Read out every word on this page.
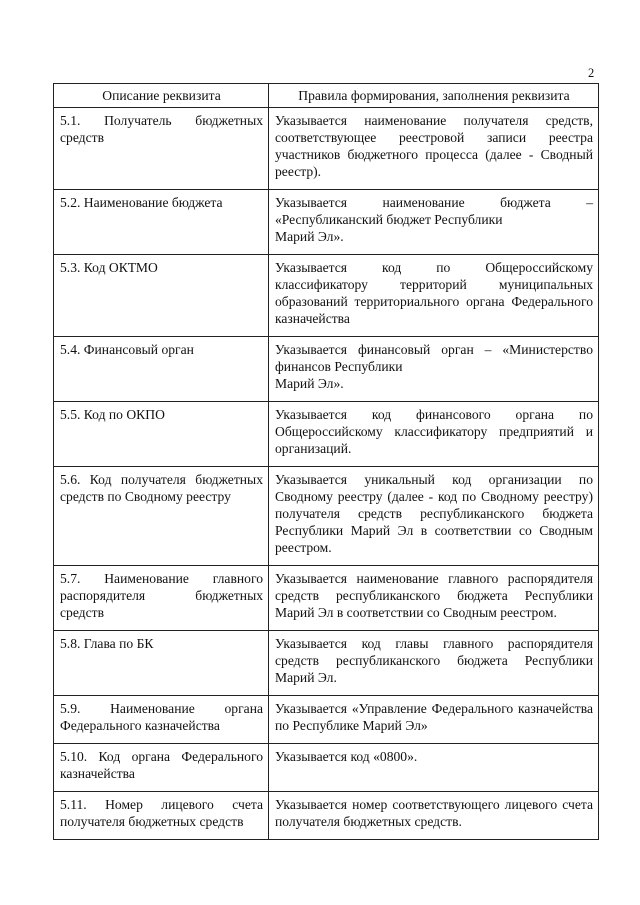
2
Описание реквизита	Правила формирования, заполнения реквизита

5.1. Получатель бюджетных средств	Указывается наименование получателя средств, соответствующее реестровой записи реестра участников бюджетного процесса (далее - Сводный реестр).

5.2. Наименование бюджета	Указывается наименование бюджета – «Республиканский бюджет Республики
Марий Эл».

5.3. Код ОКТМО	Указывается код по Общероссийскому классификатору территорий муниципальных образований территориального органа Федерального казначейства

5.4. Финансовый орган	Указывается финансовый орган – «Министерство финансов Республики
Марий Эл».

5.5. Код по ОКПО	Указывается код финансового органа по Общероссийскому классификатору предприятий и организаций.

5.6. Код получателя бюджетных средств по Сводному реестру	Указывается уникальный код организации по Сводному реестру (далее - код по Сводному реестру) получателя средств республиканского бюджета Республики Марий Эл в соответствии со Сводным реестром.

5.7. Наименование главного распорядителя бюджетных средств	Указывается наименование главного распорядителя средств республиканского бюджета Республики Марий Эл в соответствии со Сводным реестром.

5.8. Глава по БК	Указывается код главы главного распорядителя средств республиканского бюджета Республики Марий Эл.

5.9. Наименование органа Федерального казначейства	Указывается «Управление Федерального казначейства по Республике Марий Эл»

5.10. Код органа Федерального казначейства	Указывается код «0800».

5.11. Номер лицевого счета получателя бюджетных средств	Указывается номер соответствующего лицевого счета получателя бюджетных средств.
